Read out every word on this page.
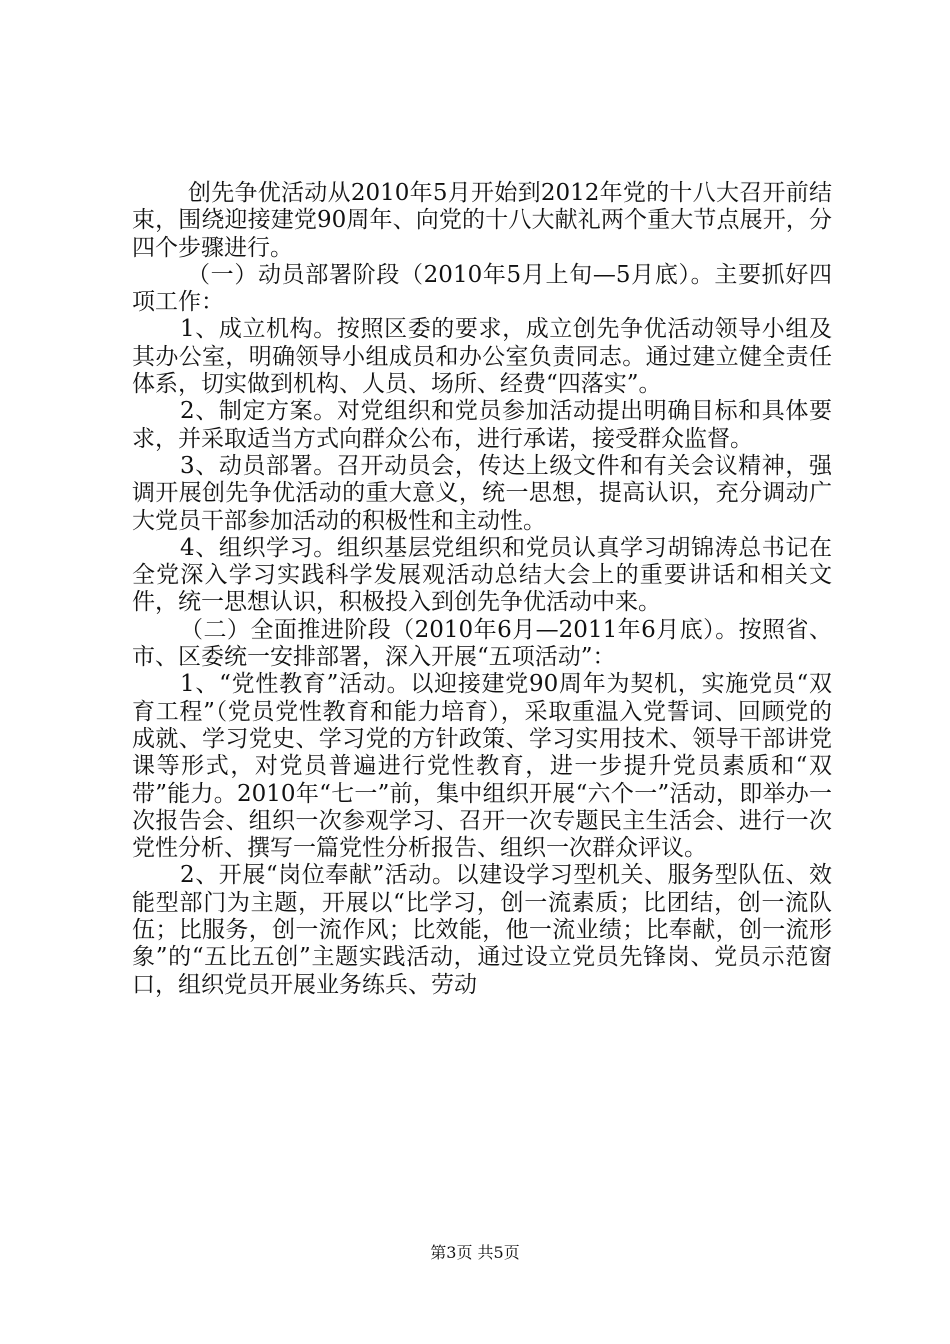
创先争优活动从2010年5月开始到2012年党的十八大召开前结束，围绕迎接建党90周年、向党的十八大献礼两个重大节点展开，分四个步骤进行。

（一）动员部署阶段（2010年5月上旬—5月底）。主要抓好四项工作：

1、成立机构。按照区委的要求，成立创先争优活动领导小组及其办公室，明确领导小组成员和办公室负责同志。通过建立健全责任体系，切实做到机构、人员、场所、经费“四落实”。

2、制定方案。对党组织和党员参加活动提出明确目标和具体要求，并采取适当方式向群众公布，进行承诺，接受群众监督。

3、动员部署。召开动员会，传达上级文件和有关会议精神，强调开展创先争优活动的重大意义，统一思想，提高认识，充分调动广大党员干部参加活动的积极性和主动性。

4、组织学习。组织基层党组织和党员认真学习胡锦涛总书记在全党深入学习实践科学发展观活动总结大会上的重要讲话和相关文件，统一思想认识，积极投入到创先争优活动中来。

（二）全面推进阶段（2010年6月—2011年6月底）。按照省、市、区委统一安排部署，深入开展“五项活动”：

1、“党性教育”活动。以迎接建党90周年为契机，实施党员“双育工程”（党员党性教育和能力培育），采取重温入党誓词、回顾党的成就、学习党史、学习党的方针政策、学习实用技术、领导干部讲党课等形式，对党员普遍进行党性教育，进一步提升党员素质和“双带”能力。2010年“七一”前，集中组织开展“六个一”活动，即举办一次报告会、组织一次参观学习、召开一次专题民主生活会、进行一次党性分析、撰写一篇党性分析报告、组织一次群众评议。

2、开展“岗位奉献”活动。以建设学习型机关、服务型队伍、效能型部门为主题，开展以“比学习，创一流素质；比团结，创一流队伍；比服务，创一流作风；比效能，他一流业绩；比奉献，创一流形象”的“五比五创”主题实践活动，通过设立党员先锋岗、党员示范窗口，组织党员开展业务练兵、劳动

第3页 共5页
